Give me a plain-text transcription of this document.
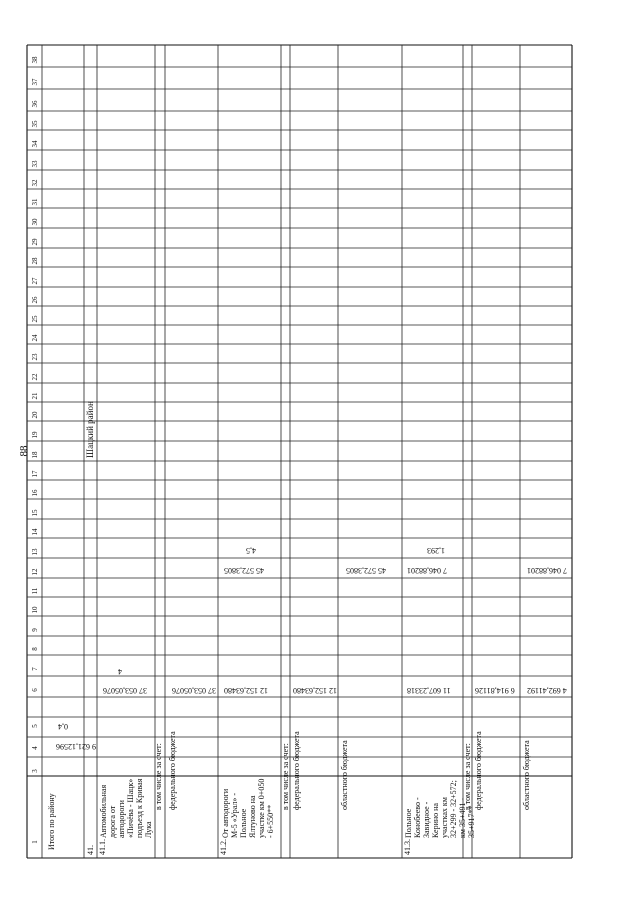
88
1
3
4
5
6
7
8
9
10
11
12
13
14
15
16
17
18
19
20
21
22
23
24
25
26
27
28
29
30
31
32
33
34
35
36
37
38
Итого по району
9 621,12596
0,4
41.
Шацкий район
41.1.
Автомобильная дорога от автодороги «Пичёва - Шацк» подъезд к Кривая Лука
37 053,05076
4
в том числе за счет: федерального бюджета
37 053,05076
41.2.
От автодороги М-5 «Урал» - Польное Ялтуново на участке км 0+050 - 6+550**
12 152,63480
45 572,3805
4,5
в том числе за счет: федерального бюджета
12 152,63480
областного бюджета
45 572,3805
41.3.
Польное Конобеево - Завидное - Керино на участках км 32+299 - 32+572; км 35+491 - 35+917**
11 607,23318
7 046,88201
1,293
в том числе за счет: федерального бюджета
6 914,81126
областного бюджета
4 692,41192
7 046,88201
